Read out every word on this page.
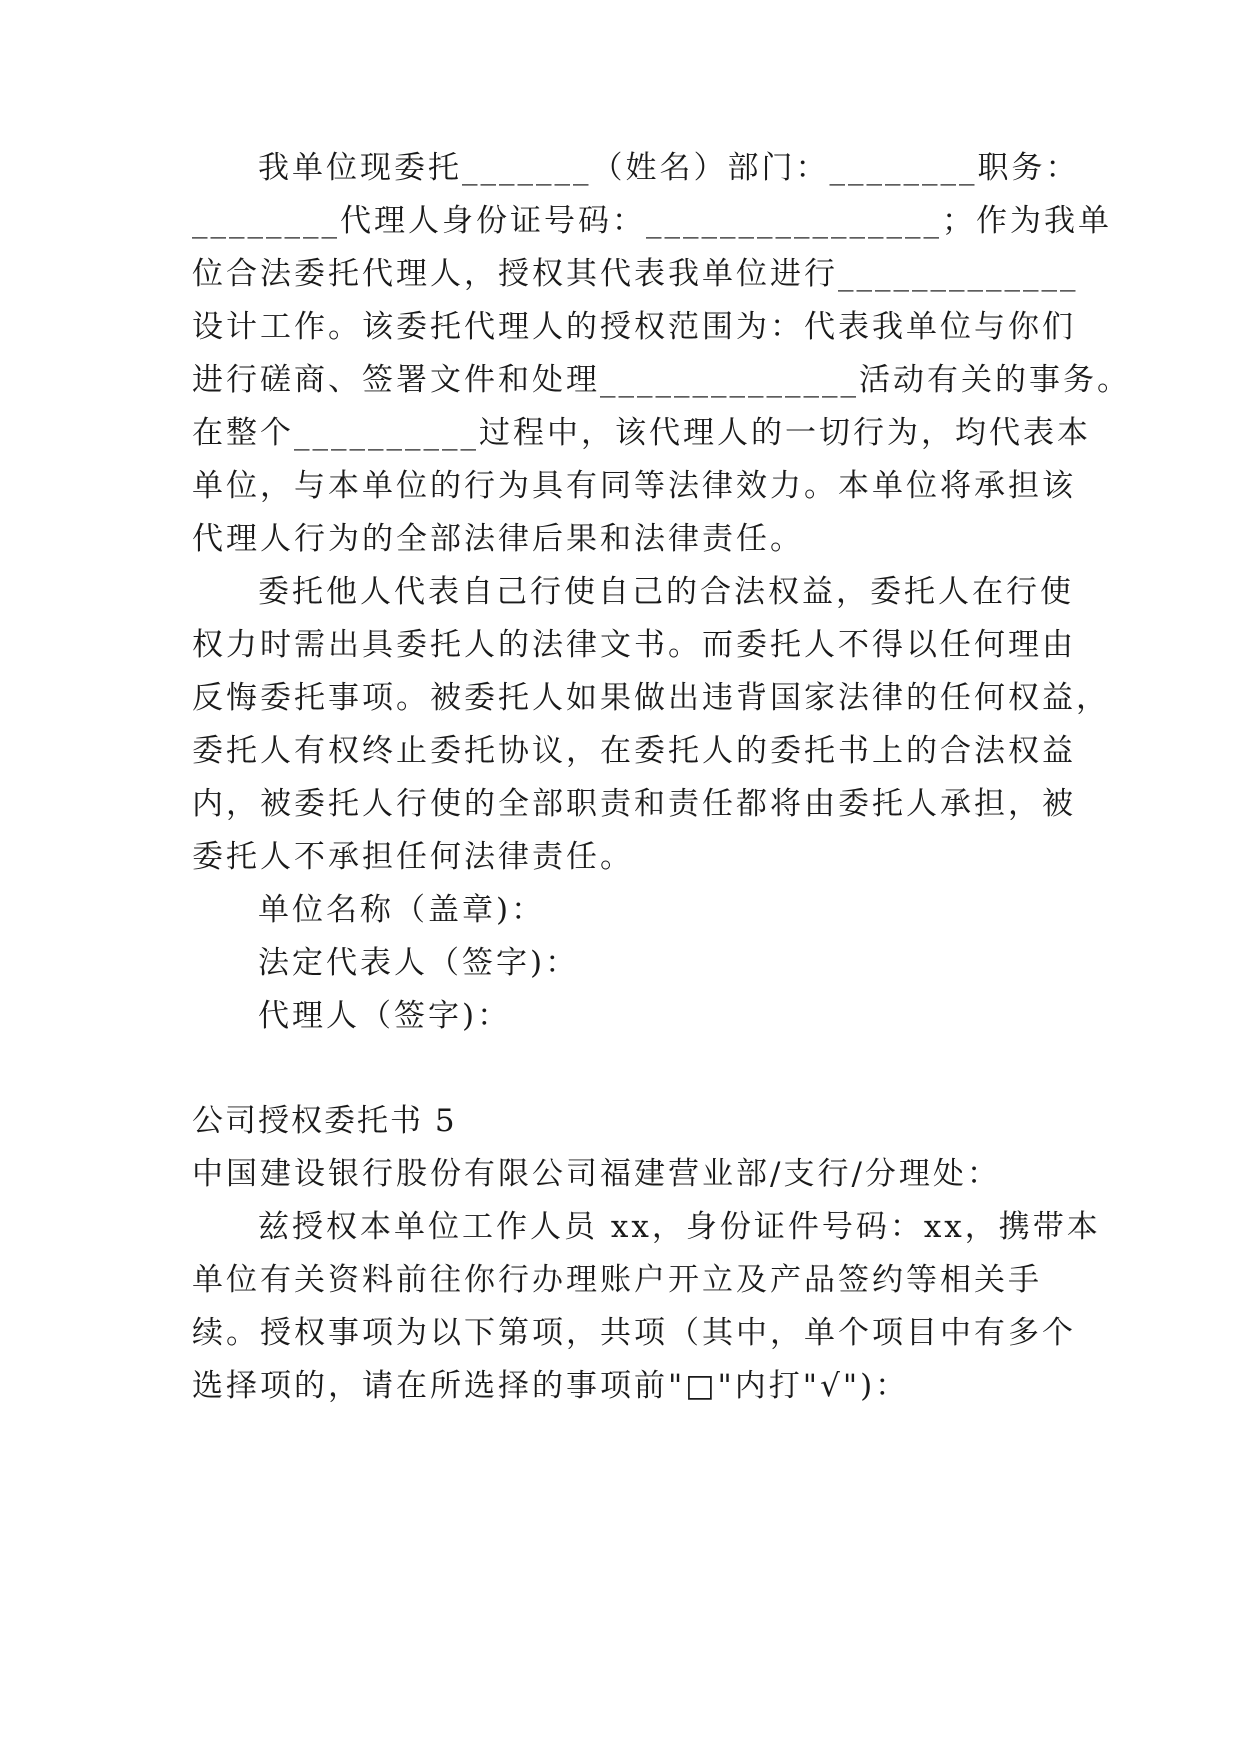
我单位现委托_______（姓名）部门：________职务：
________代理人身份证号码：________________；作为我单
位合法委托代理人，授权其代表我单位进行_____________
设计工作。该委托代理人的授权范围为：代表我单位与你们
进行磋商、签署文件和处理______________活动有关的事务。
在整个__________过程中，该代理人的一切行为，均代表本
单位，与本单位的行为具有同等法律效力。本单位将承担该
代理人行为的全部法律后果和法律责任。
委托他人代表自己行使自己的合法权益，委托人在行使
权力时需出具委托人的法律文书。而委托人不得以任何理由
反悔委托事项。被委托人如果做出违背国家法律的任何权益，
委托人有权终止委托协议，在委托人的委托书上的合法权益
内，被委托人行使的全部职责和责任都将由委托人承担，被
委托人不承担任何法律责任。
单位名称（盖章)：
法定代表人（签字)：
代理人（签字)：
公司授权委托书 5
中国建设银行股份有限公司福建营业部/支行/分理处：
兹授权本单位工作人员 xx，身份证件号码：xx，携带本
单位有关资料前往你行办理账户开立及产品签约等相关手
续。授权事项为以下第项，共项（其中，单个项目中有多个
选择项的，请在所选择的事项前"□"内打"√")：
